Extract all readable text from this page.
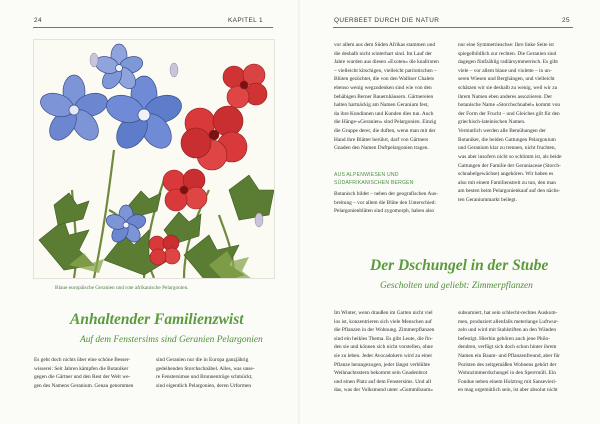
24	KAPITEL 1
Blaue europäische Geranien und rote afrikanische Pelargonien.
Anhaltender Familienzwist
Auf dem Fenstersims sind Geranien Pelargonien
Es geht doch nichts über eine schöne Besser-
wisserei: Seit Jahren kämpfen die Botaniker
gegen die Gärtner und den Rest der Welt we-
gen des Namens Geranium. Genau genommen
sind Geranien nur die in Europa ganzjährig
gedeihenden Storchschnäbel. Alles, was unse-
re Fenstersimse und Brunnentröge schmückt,
sind eigentlich Pelargonien, deren Urformen
QUERBEET DURCH DIE NATUR	25
vor allem aus dem Süden Afrikas stammen und
die deshalb nicht winterhart sind. Im Lauf der
Jahre wurden aus diesen «Exoten» die knallroten
– vielleicht kitschigen, vielleicht patriotischen –
Blüten gezüchtet, die von den Walliser Chalets
ebenso wenig wegzudenken sind wie von den
behäbigen Berner Bauernhäusern. Gärtnereien
halten hartnäckig am Namen Geranium fest,
da ihre Kundinnen und Kunden dies tun. Auch
die Hänge-«Geranien» sind Pelargonien. Einzig
die Gruppe derer, die duften, wenn man mit der
Hand ihre Blätter berührt, darf von Gärtners
Gnaden den Namen Duftpelargonien tragen.
AUS ALPENWIESEN UND
SÜDAFRIKANISCHEN BERGEN
Botanisch bildet – neben der geografischen Aus-
breitung – vor allem die Blüte den Unterschied:
Pelargonienblüten sind zygomorph, haben also
nur eine Symmetrieachse: Ihre linke Seite ist
spiegelbildlich zur rechten. Die Geranien sind
dagegen fünfzählig radiärsymmetrisch. Es gibt
viele – vor allem blaue und violette – in un-
seren Wiesen und Berghängen, und vielleicht
schätzen wir sie deshalb zu wenig, weil wir zu
ihrem Namen eben anderes assoziieren. Der
botanische Name «Storchschnabel» kommt von
der Form der Frucht – und Gleiches gilt für den
griechisch-lateinischen Namen.
Vermutlich werden alle Bemühungen der
Botaniker, die beiden Gattungen Pelargonium
und Geranium klar zu trennen, nicht fruchten,
was aber insofern nicht so schlimm ist, als beide
Gattungen der Familie der Geraniaceae (Storch-
schnabelgewächse) angehören. Wir haben es
also mit einem Familienstreit zu tun, den man
am besten beim Pelargonienkauf auf den nächs-
ten Geraniummarkt beilegt.
Der Dschungel in der Stube
Gescholten und geliebt: Zimmerpflanzen
Im Winter, wenn draußen im Garten nicht viel
los ist, konzentrieren sich viele Menschen auf
die Pflanzen in der Wohnung. Zimmerpflanzen
sind ein heikles Thema. Es gibt Leute, die fin-
den sie und können sich nicht vorstellen, ohne
sie zu leben. Jeder Avocadokern wird zu einer
Pflanze herangezogen, jeder längst verblühte
Weihnachtsstern bekommt sein Gnadenbrot
und einen Platz auf dem Fenstersims. Und all
das, was der Volksmund unter «Gummibaum»
subsumiert, hat sein schlecht-rechtes Auskom-
men, produziert allenfalls meterlange Luftwur-
zeln und wird mit Stahlstiften an den Wänden
befestigt. Hierhin gehören auch jene Philo-
dendren, verfügt sich doch schon hinter ihrem
Namen ein Baum- und Pflanzenfreund, aber für
Puristen des zeitgemäßen Wohnens gehört der
Wohnzimmerdschungel in den Sperrmüll. Ein
Fondue neben einem Holztrog mit Sansevieri-
en mag urgemütlich sein, ist aber absolut nicht
